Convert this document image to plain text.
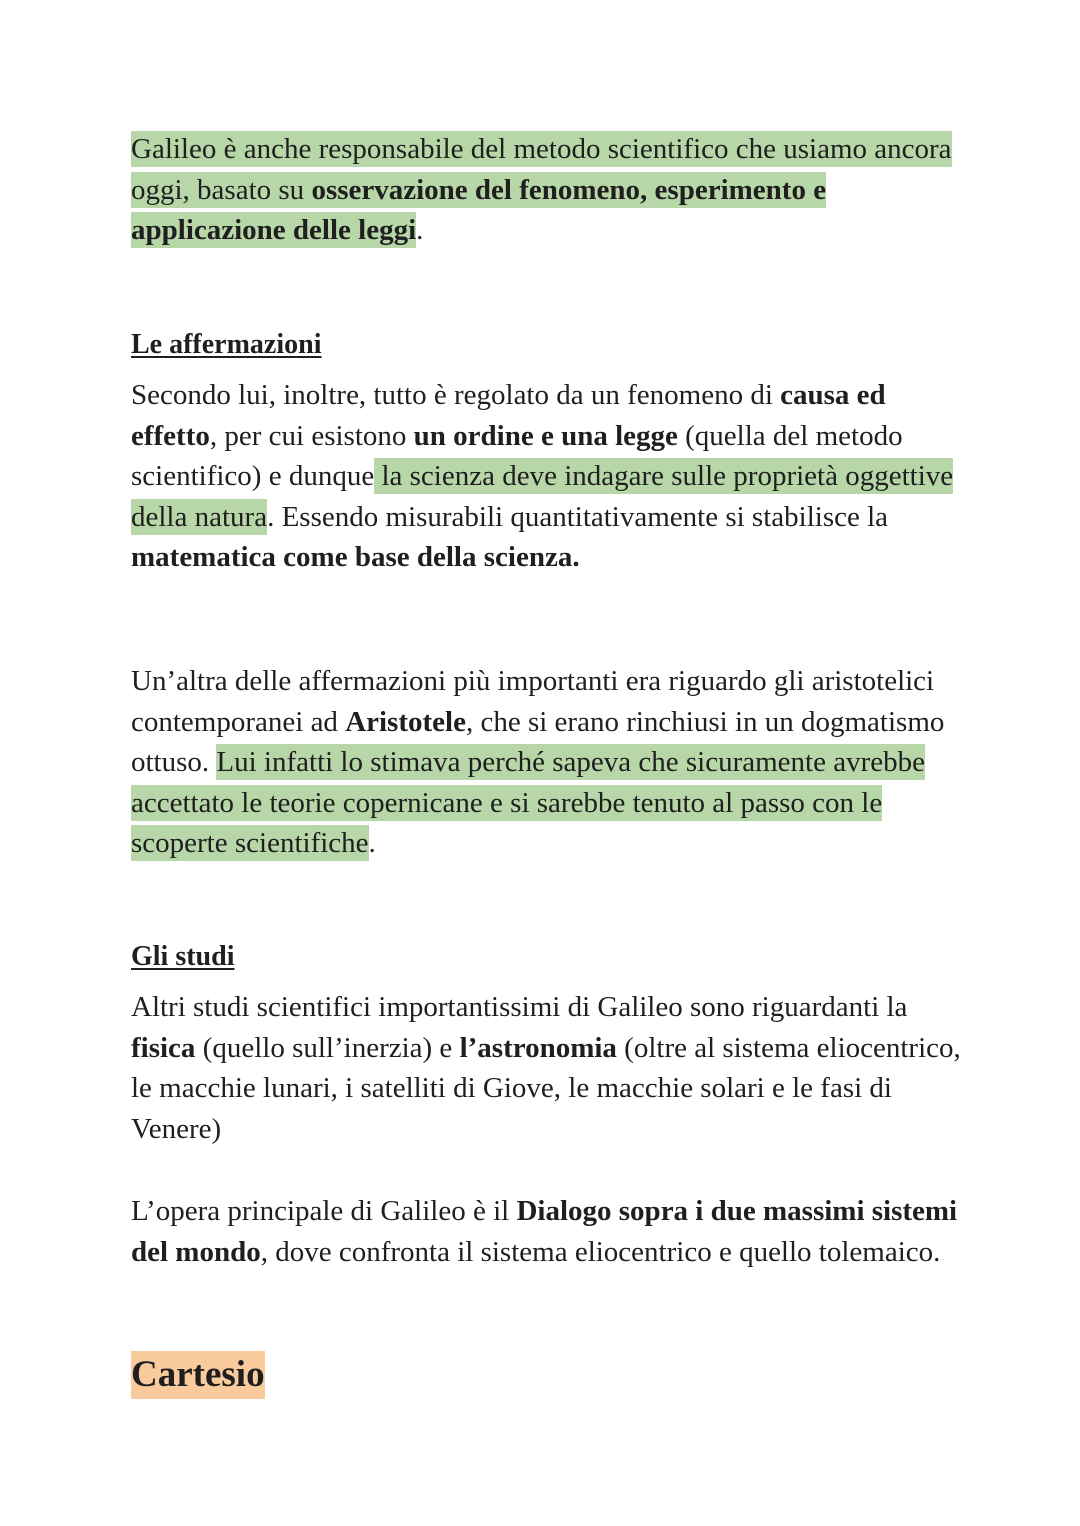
Galileo è anche responsabile del metodo scientifico che usiamo ancora oggi, basato su osservazione del fenomeno, esperimento e applicazione delle leggi.

Le affermazioni

Secondo lui, inoltre, tutto è regolato da un fenomeno di causa ed effetto, per cui esistono un ordine e una legge (quella del metodo scientifico) e dunque la scienza deve indagare sulle proprietà oggettive della natura. Essendo misurabili quantitativamente si stabilisce la matematica come base della scienza.

Un’altra delle affermazioni più importanti era riguardo gli aristotelici contemporanei ad Aristotele, che si erano rinchiusi in un dogmatismo ottuso. Lui infatti lo stimava perché sapeva che sicuramente avrebbe accettato le teorie copernicane e si sarebbe tenuto al passo con le scoperte scientifiche.

Gli studi

Altri studi scientifici importantissimi di Galileo sono riguardanti la fisica (quello sull’inerzia) e l’astronomia (oltre al sistema eliocentrico, le macchie lunari, i satelliti di Giove, le macchie solari e le fasi di Venere)

L’opera principale di Galileo è il Dialogo sopra i due massimi sistemi del mondo, dove confronta il sistema eliocentrico e quello tolemaico.

Cartesio
